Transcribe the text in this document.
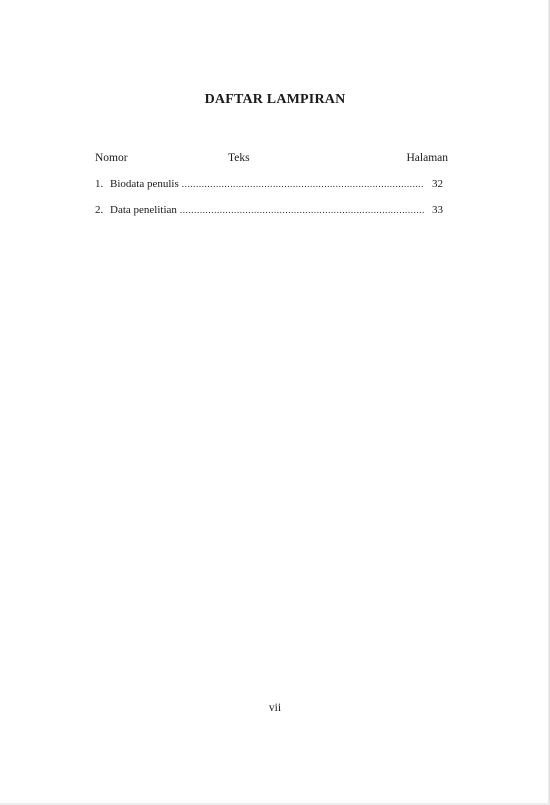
DAFTAR LAMPIRAN
Nomor	Teks	Halaman
1. Biodata penulis .....	32
2. Data penelitian .....	33
vii
